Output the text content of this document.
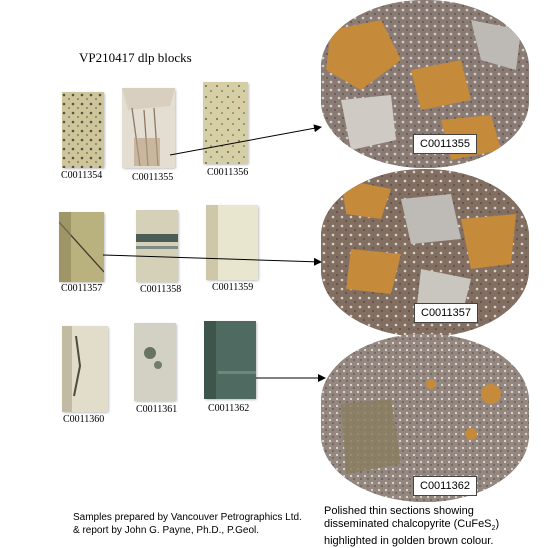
VP210417 dlp blocks
C0011354	C0011355	C0011356
C0011357	C0011358	C0011359
C0011360
C0011361	C0011362
C0011355
C0011357
C0011362
Samples prepared by Vancouver Petrographics Ltd.
& report by John G. Payne, Ph.D., P.Geol.
Polished thin sections showing
disseminated chalcopyrite (CuFeS$_2$)
highlighted in golden brown colour.
